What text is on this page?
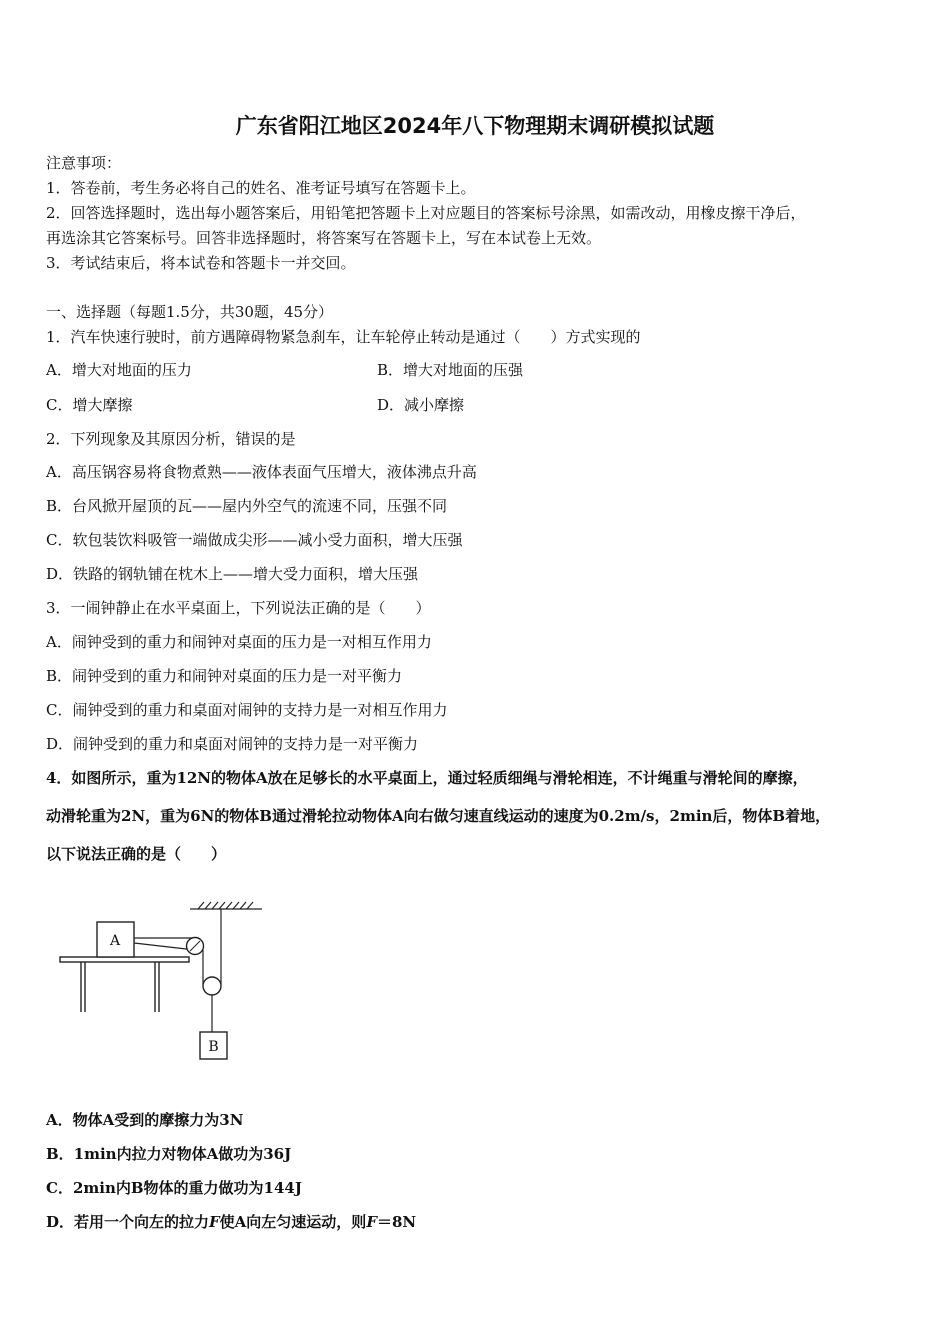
广东省阳江地区2024年八下物理期末调研模拟试题
注意事项：
1．答卷前，考生务必将自己的姓名、准考证号填写在答题卡上。
2．回答选择题时，选出每小题答案后，用铅笔把答题卡上对应题目的答案标号涂黑，如需改动，用橡皮擦干净后，
再选涂其它答案标号。回答非选择题时，将答案写在答题卡上，写在本试卷上无效。
3．考试结束后，将本试卷和答题卡一并交回。
一、选择题（每题1.5分，共30题，45分）
1．汽车快速行驶时，前方遇障碍物紧急刹车，让车轮停止转动是通过（　　）方式实现的
A．增大对地面的压力	B．增大对地面的压强
C．增大摩擦	D．减小摩擦
2．下列现象及其原因分析，错误的是
A．高压锅容易将食物煮熟——液体表面气压增大，液体沸点升高
B．台风掀开屋顶的瓦——屋内外空气的流速不同，压强不同
C．软包装饮料吸管一端做成尖形——减小受力面积，增大压强
D．铁路的钢轨铺在枕木上——增大受力面积，增大压强
3．一闹钟静止在水平桌面上，下列说法正确的是（　　）
A．闹钟受到的重力和闹钟对桌面的压力是一对相互作用力
B．闹钟受到的重力和闹钟对桌面的压力是一对平衡力
C．闹钟受到的重力和桌面对闹钟的支持力是一对相互作用力
D．闹钟受到的重力和桌面对闹钟的支持力是一对平衡力
4．如图所示，重为12N的物体A放在足够长的水平桌面上，通过轻质细绳与滑轮相连，不计绳重与滑轮间的摩擦，
动滑轮重为2N，重为6N的物体B通过滑轮拉动物体A向右做匀速直线运动的速度为0.2m/s，2min后，物体B着地，
以下说法正确的是（　　）
A
B
A．物体A受到的摩擦力为3N
B．1min内拉力对物体A做功为36J
C．2min内B物体的重力做功为144J
D．若用一个向左的拉力F使A向左匀速运动，则F＝8N
